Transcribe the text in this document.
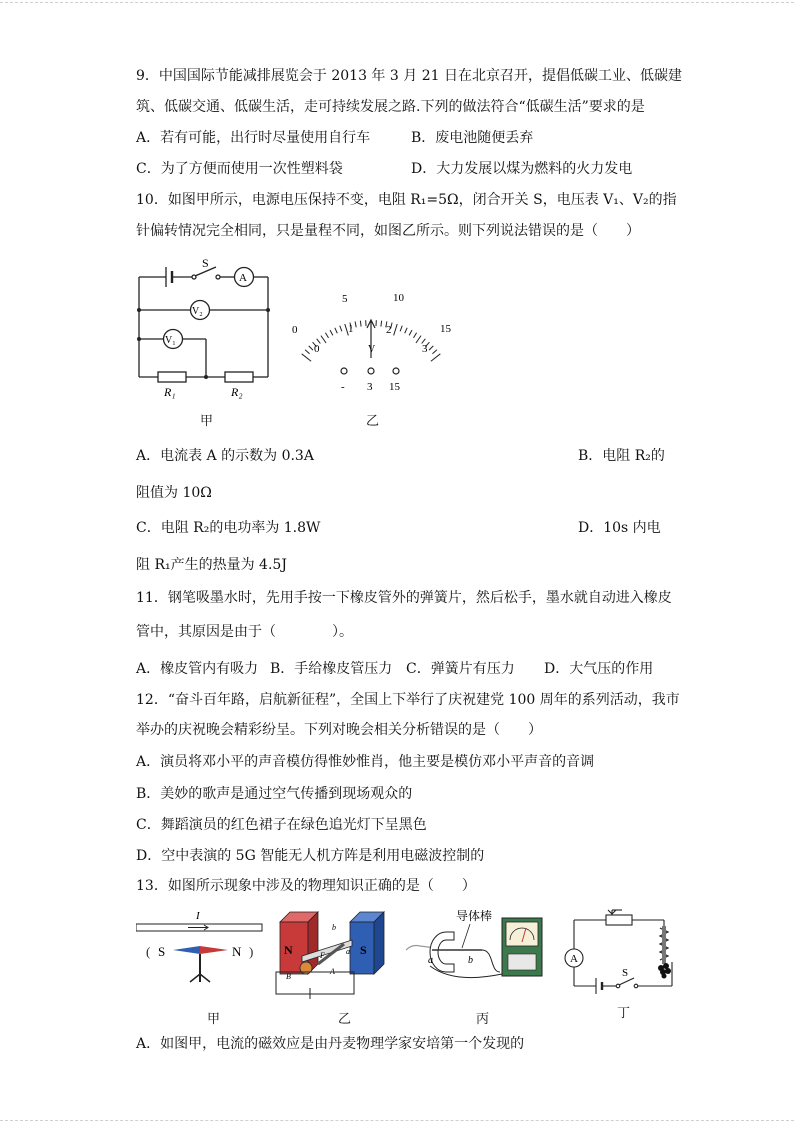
9．中国国际节能减排展览会于 2013 年 3 月 21 日在北京召开，提倡低碳工业、低碳建
筑、低碳交通、低碳生活，走可持续发展之路.下列的做法符合“低碳生活”要求的是
A．若有可能，出行时尽量使用自行车	B．废电池随便丢弃
C．为了方便而使用一次性塑料袋	D．大力发展以煤为燃料的火力发电
10．如图甲所示，电源电压保持不变，电阻 R₁=5Ω，闭合开关 S，电压表 V₁、V₂的指
针偏转情况完全相同，只是量程不同，如图乙所示。则下列说法错误的是（　　）
S
A
V₂
V₁
R₁	R₂
甲
0
5	10
15
0
1	2
3
V
- 3 15
乙
A．电流表 A 的示数为 0.3A	B．电阻 R₂的
阻值为 10Ω
C．电阻 R₂的电功率为 1.8W	D．10s 内电
阻 R₁产生的热量为 4.5J
11．钢笔吸墨水时，先用手按一下橡皮管外的弹簧片，然后松手，墨水就自动进入橡皮
管中，其原因是由于（　　　　）。
A．橡皮管内有吸力 B．手给橡皮管压力 C．弹簧片有压力 D．大气压的作用
12．“奋斗百年路，启航新征程”，全国上下举行了庆祝建党 100 周年的系列活动，我市
举办的庆祝晚会精彩纷呈。下列对晚会相关分析错误的是（　　）
A．演员将邓小平的声音模仿得惟妙惟肖，他主要是模仿邓小平声音的音调
B．美妙的歌声是通过空气传播到现场观众的
C．舞蹈演员的红色裙子在绿色追光灯下呈黑色
D．空中表演的 5G 智能无人机方阵是利用电磁波控制的
13．如图所示现象中涉及的物理知识正确的是（　　）
I
(	)
S	N
甲
N	S
b
a
F
A
B
乙
导体棒
a	b
丙
A
S
丁
A．如图甲，电流的磁效应是由丹麦物理学家安培第一个发现的
